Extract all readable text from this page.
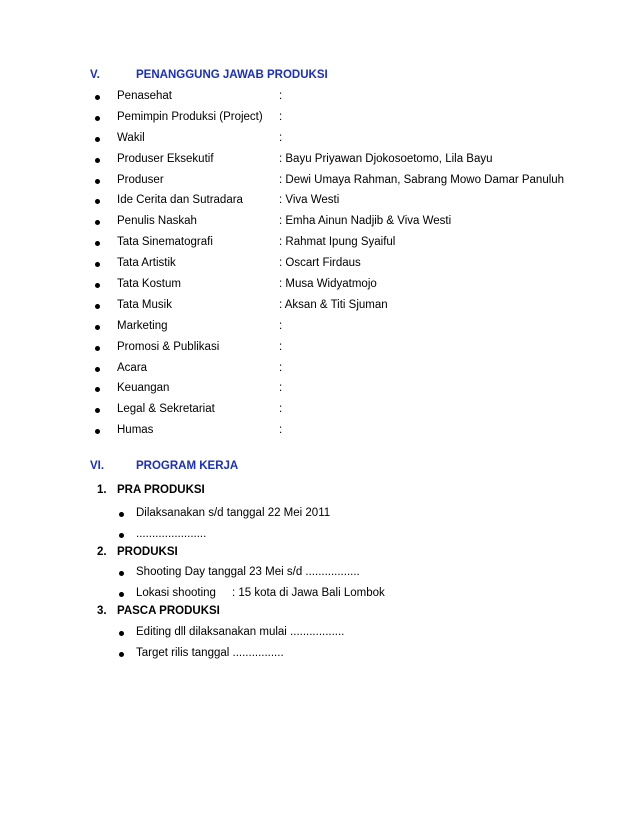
V.	PENANGGUNG JAWAB PRODUKSI
Penasehat	:
Pemimpin Produksi (Project) :
Wakil	:
Produser Eksekutif	: Bayu Priyawan Djokosoetomo, Lila Bayu
Produser	: Dewi Umaya Rahman, Sabrang Mowo Damar Panuluh
Ide Cerita dan Sutradara	: Viva Westi
Penulis Naskah	: Emha Ainun Nadjib & Viva Westi
Tata Sinematografi	: Rahmat Ipung Syaiful
Tata Artistik	: Oscart Firdaus
Tata Kostum	: Musa Widyatmojo
Tata Musik	: Aksan & Titi Sjuman
Marketing	:
Promosi & Publikasi	:
Acara	:
Keuangan	:
Legal & Sekretariat	:
Humas	:
VI.	PROGRAM KERJA
1. PRA PRODUKSI
Dilaksanakan s/d tanggal 22 Mei 2011
......................
2. PRODUKSI
Shooting Day tanggal 23 Mei s/d .................
Lokasi shooting : 15 kota di Jawa Bali Lombok
3. PASCA PRODUKSI
Editing dll dilaksanakan mulai .................
Target rilis tanggal ................
